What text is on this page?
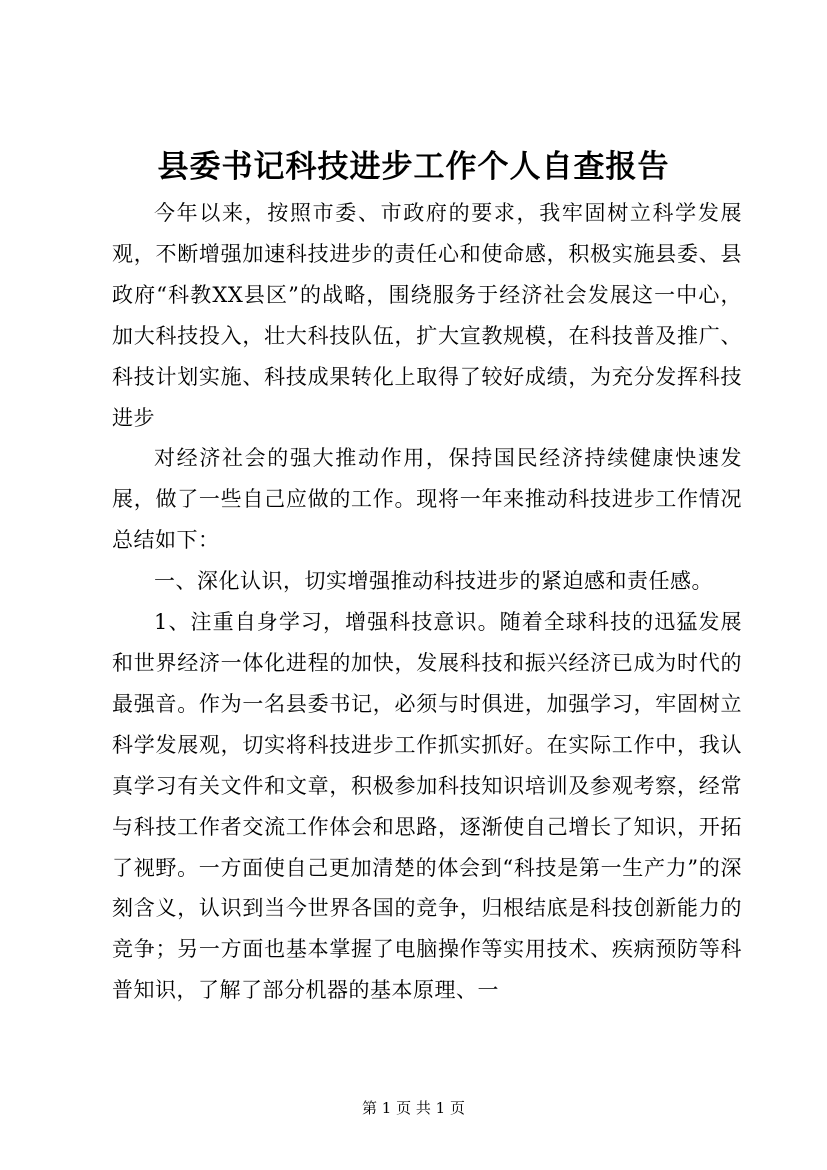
县委书记科技进步工作个人自查报告

今年以来，按照市委、市政府的要求，我牢固树立科学发展观，不断增强加速科技进步的责任心和使命感，积极实施县委、县政府“科教XX县区”的战略，围绕服务于经济社会发展这一中心，加大科技投入，壮大科技队伍，扩大宣教规模，在科技普及推广、科技计划实施、科技成果转化上取得了较好成绩，为充分发挥科技进步

对经济社会的强大推动作用，保持国民经济持续健康快速发展，做了一些自己应做的工作。现将一年来推动科技进步工作情况总结如下：

一、深化认识，切实增强推动科技进步的紧迫感和责任感。

1、注重自身学习，增强科技意识。随着全球科技的迅猛发展和世界经济一体化进程的加快，发展科技和振兴经济已成为时代的最强音。作为一名县委书记，必须与时俱进，加强学习，牢固树立科学发展观，切实将科技进步工作抓实抓好。在实际工作中，我认真学习有关文件和文章，积极参加科技知识培训及参观考察，经常与科技工作者交流工作体会和思路，逐渐使自己增长了知识，开拓了视野。一方面使自己更加清楚的体会到“科技是第一生产力”的深刻含义，认识到当今世界各国的竞争，归根结底是科技创新能力的竞争；另一方面也基本掌握了电脑操作等实用技术、疾病预防等科普知识，了解了部分机器的基本原理、一

第 1 页 共 1 页
